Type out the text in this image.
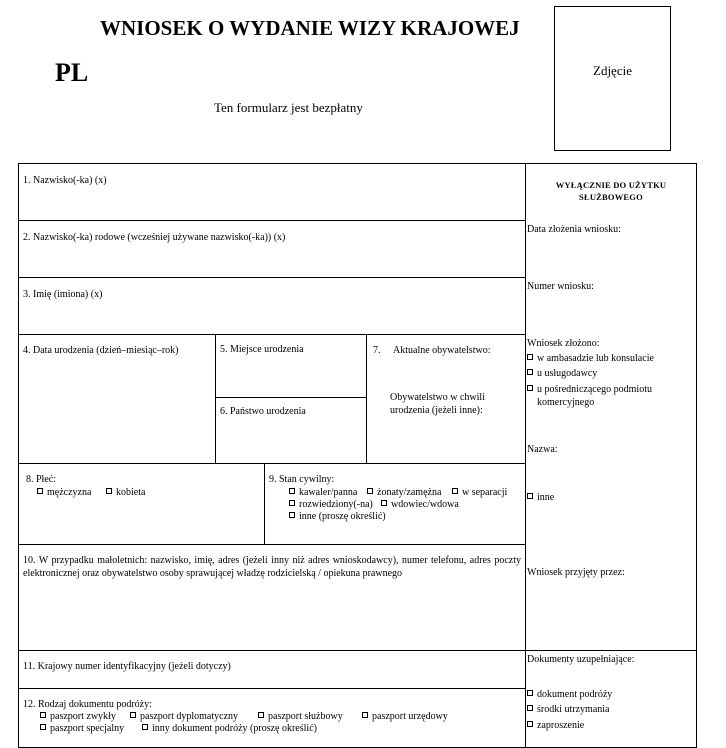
WNIOSEK O WYDANIE WIZY KRAJOWEJ
PL
Ten formularz jest bezpłatny
Zdjęcie
1. Nazwisko(-ka) (x)
2. Nazwisko(-ka) rodowe (wcześniej używane nazwisko(-ka)) (x)
3. Imię (imiona) (x)
4. Data urodzenia (dzień–miesiąc–rok)	5. Miejsce urodzenia
6. Państwo urodzenia
7. Aktualne obywatelstwo:
Obywatelstwo w chwili urodzenia (jeżeli inne):
8. Płeć:
mężczyzna	kobieta
9. Stan cywilny:
kawaler/panna	żonaty/zamężna	w separacji
rozwiedziony(-na)	wdowiec/wdowa
inne (proszę określić)
10. W przypadku małoletnich: nazwisko, imię, adres (jeżeli inny niż adres wnioskodawcy), numer telefonu, adres poczty elektronicznej oraz obywatelstwo osoby sprawującej władzę rodzicielską / opiekuna prawnego
11. Krajowy numer identyfikacyjny (jeżeli dotyczy)
12. Rodzaj dokumentu podróży:
paszport zwykły	paszport dyplomatyczny	paszport służbowy	paszport urzędowy
paszport specjalny	inny dokument podróży (proszę określić)
WYŁĄCZNIE DO UŻYTKU
SŁUŻBOWEGO
Data złożenia wniosku:
Numer wniosku:
Wniosek złożono:
w ambasadzie lub konsulacie
u usługodawcy
u pośredniczącego podmiotu komercyjnego
Nazwa:
inne
Wniosek przyjęty przez:
Dokumenty uzupełniające:
dokument podróży
środki utrzymania
zaproszenie
